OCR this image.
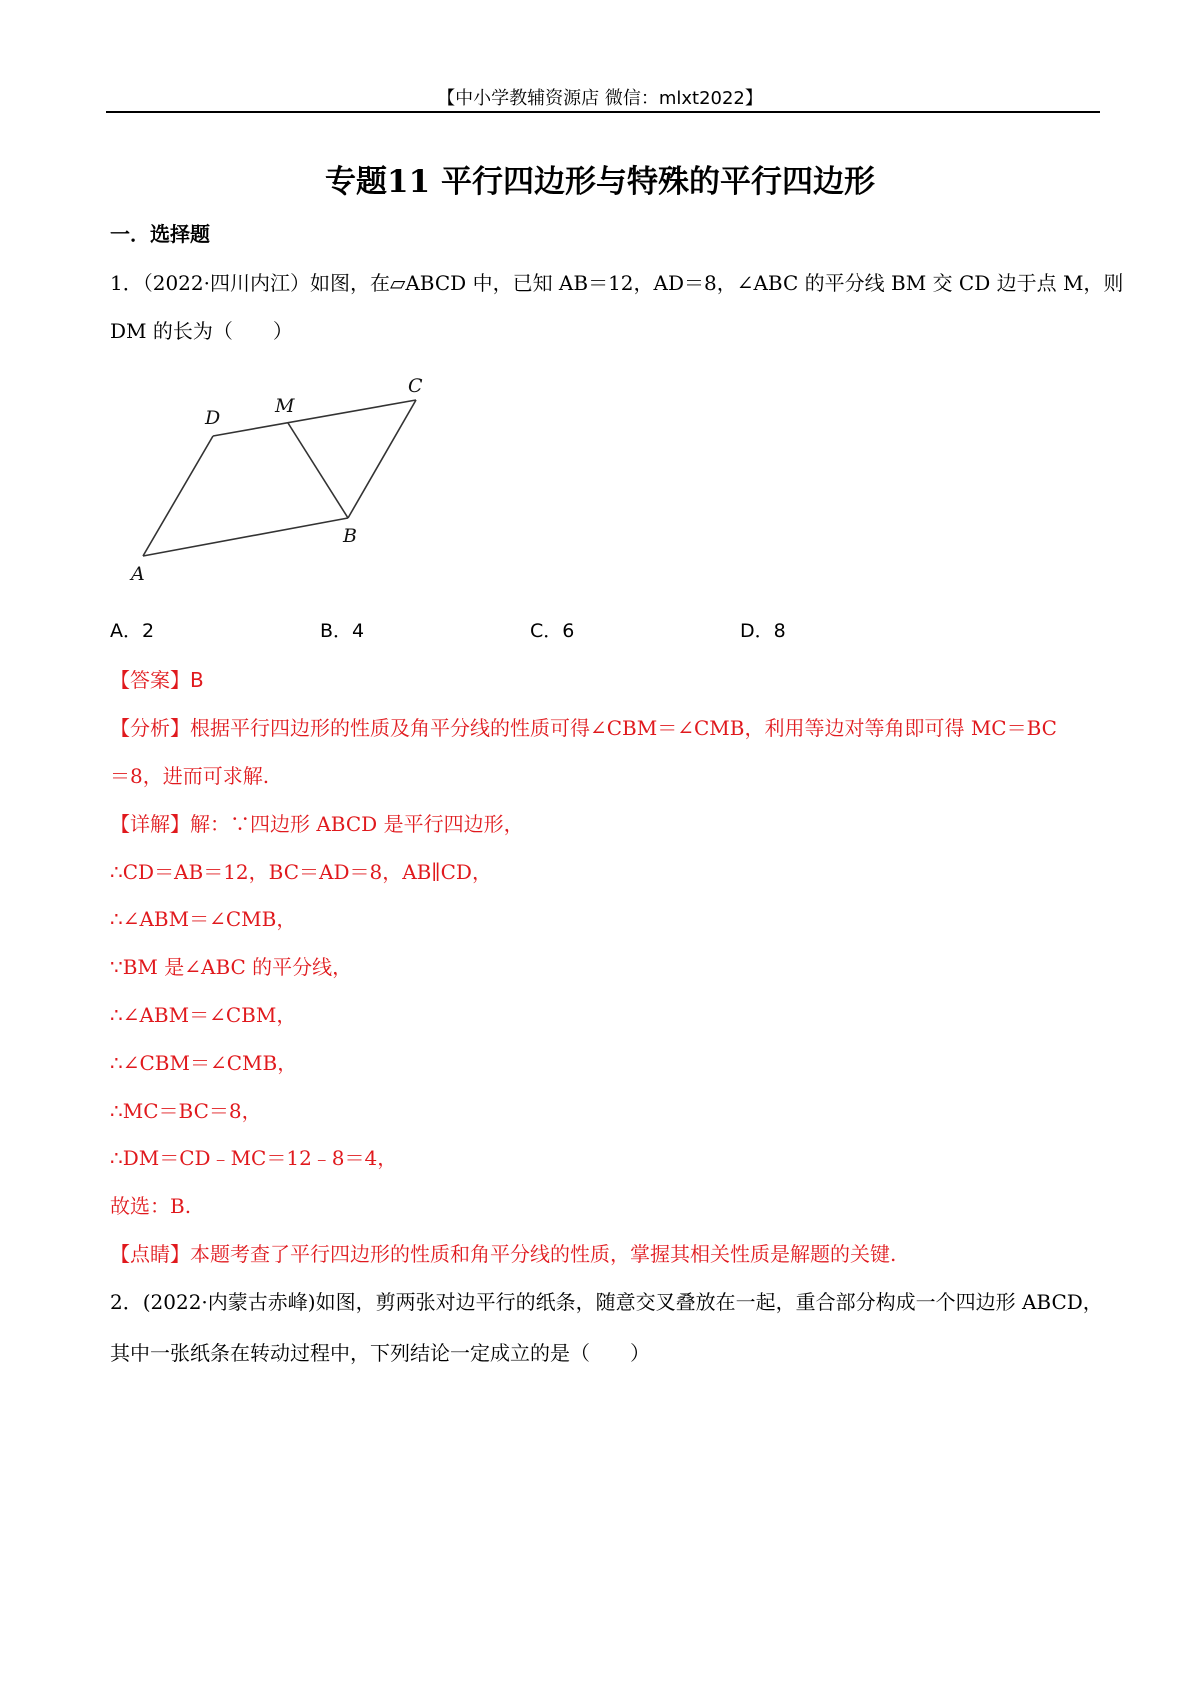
【中小学教辅资源店 微信：mlxt2022】
专题11 平行四边形与特殊的平行四边形
一．选择题
1．（2022·四川内江）如图，在▱ABCD 中，已知 AB＝12，AD＝8，∠ABC 的平分线 BM 交 CD 边于点 M，则
DM 的长为（　　）
A
B
C
D
M
A．2	B．4	C．6	D．8
【答案】B
【分析】根据平行四边形的性质及角平分线的性质可得∠CBM＝∠CMB，利用等边对等角即可得 MC＝BC
＝8，进而可求解.
【详解】解：∵四边形 ABCD 是平行四边形，
∴CD＝AB＝12，BC＝AD＝8，AB∥CD，
∴∠ABM＝∠CMB，
∵BM 是∠ABC 的平分线，
∴∠ABM＝∠CBM，
∴∠CBM＝∠CMB，
∴MC＝BC＝8，
∴DM＝CD﹣MC＝12﹣8＝4，
故选：B.
【点睛】本题考查了平行四边形的性质和角平分线的性质，掌握其相关性质是解题的关键.
2．(2022·内蒙古赤峰)如图，剪两张对边平行的纸条，随意交叉叠放在一起，重合部分构成一个四边形 ABCD，
其中一张纸条在转动过程中，下列结论一定成立的是（　　）
